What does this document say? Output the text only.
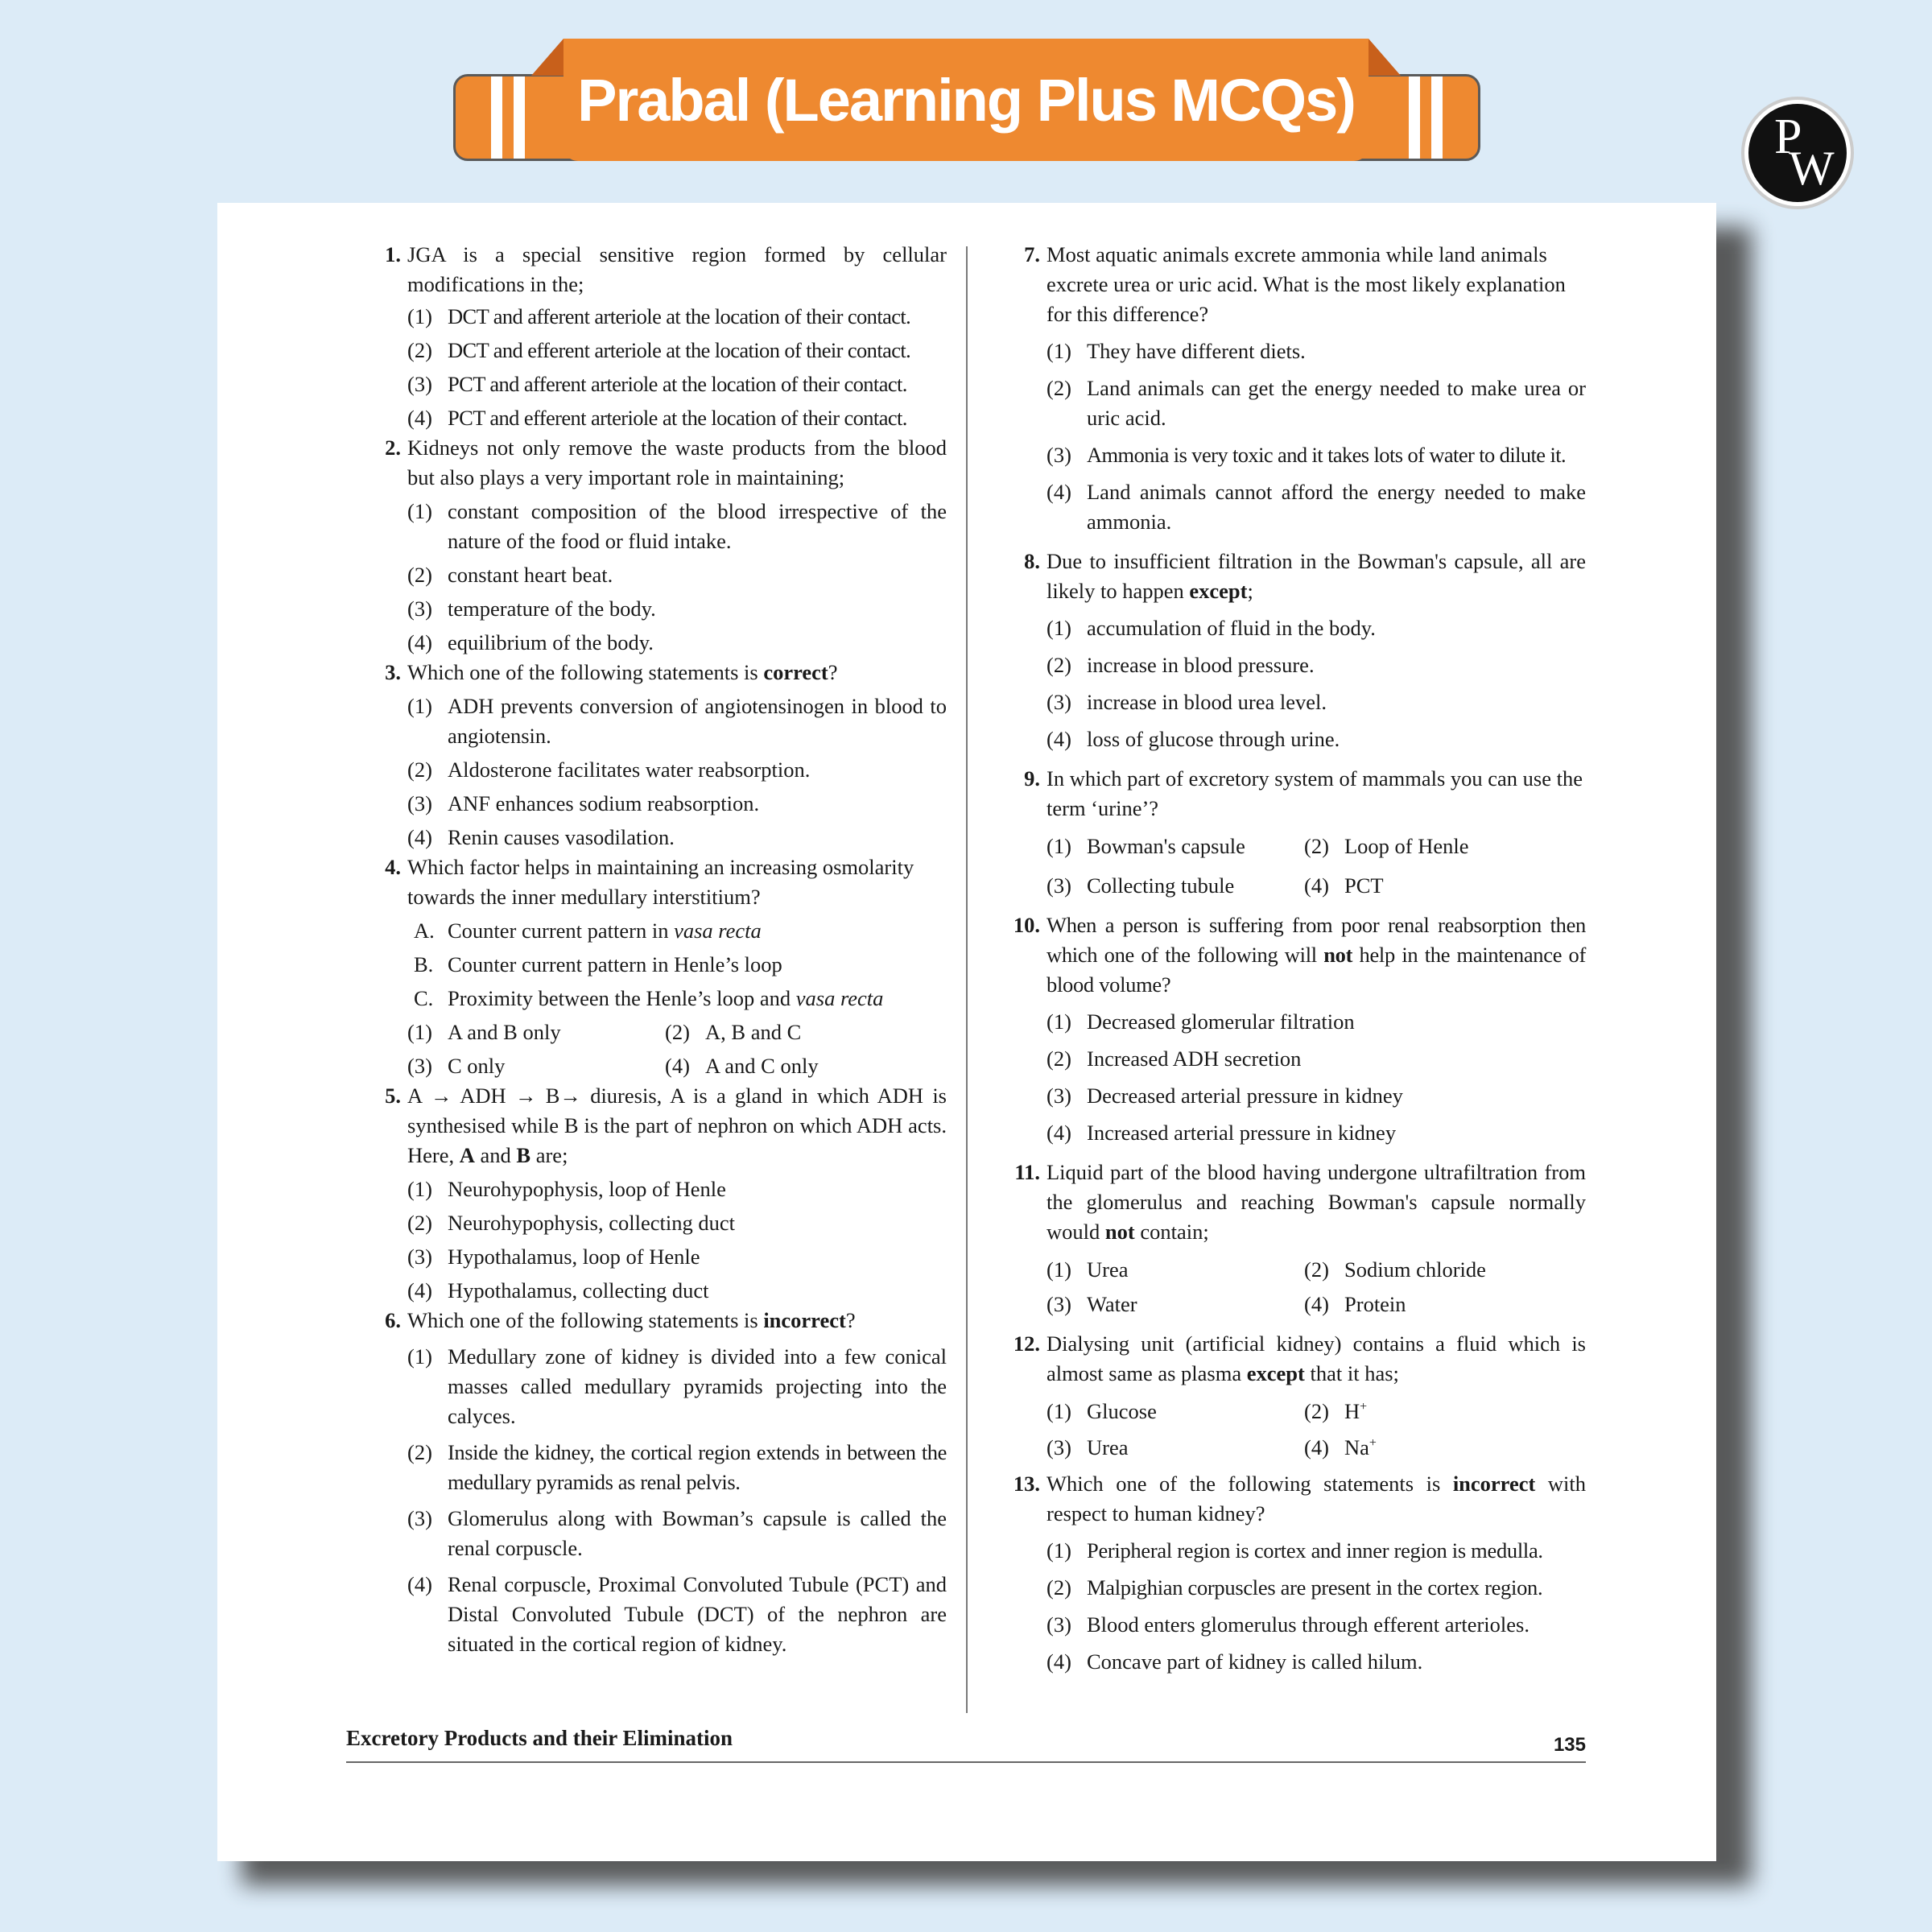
Prabal (Learning Plus MCQs)
P
W
1. JGA is a special sensitive region formed by cellular modifications in the;
(1) DCT and afferent arteriole at the location of their contact.
(2) DCT and efferent arteriole at the location of their contact.
(3) PCT and afferent arteriole at the location of their contact.
(4) PCT and efferent arteriole at the location of their contact.
2. Kidneys not only remove the waste products from the blood but also plays a very important role in maintaining;
(1) constant composition of the blood irrespective of the nature of the food or fluid intake.
(2) constant heart beat.
(3) temperature of the body.
(4) equilibrium of the body.
3. Which one of the following statements is correct?
(1) ADH prevents conversion of angiotensinogen in blood to angiotensin.
(2) Aldosterone facilitates water reabsorption.
(3) ANF enhances sodium reabsorption.
(4) Renin causes vasodilation.
4. Which factor helps in maintaining an increasing osmolarity towards the inner medullary interstitium?
A. Counter current pattern in vasa recta
B. Counter current pattern in Henle’s loop
C. Proximity between the Henle’s loop and vasa recta
(1) A and B only	(2) A, B and C
(3) C only	(4) A and C only
5. A → ADH → B→ diuresis, A is a gland in which ADH is synthesised while B is the part of nephron on which ADH acts. Here, A and B are;
(1) Neurohypophysis, loop of Henle
(2) Neurohypophysis, collecting duct
(3) Hypothalamus, loop of Henle
(4) Hypothalamus, collecting duct
6. Which one of the following statements is incorrect?
(1) Medullary zone of kidney is divided into a few conical masses called medullary pyramids projecting into the calyces.
(2) Inside the kidney, the cortical region extends in between the medullary pyramids as renal pelvis.
(3) Glomerulus along with Bowman’s capsule is called the renal corpuscle.
(4) Renal corpuscle, Proximal Convoluted Tubule (PCT) and Distal Convoluted Tubule (DCT) of the nephron are situated in the cortical region of kidney.
7. Most aquatic animals excrete ammonia while land animals excrete urea or uric acid. What is the most likely explanation for this difference?
(1) They have different diets.
(2) Land animals can get the energy needed to make urea or uric acid.
(3) Ammonia is very toxic and it takes lots of water to dilute it.
(4) Land animals cannot afford the energy needed to make ammonia.
8. Due to insufficient filtration in the Bowman's capsule, all are likely to happen except;
(1) accumulation of fluid in the body.
(2) increase in blood pressure.
(3) increase in blood urea level.
(4) loss of glucose through urine.
9. In which part of excretory system of mammals you can use the term ‘urine’?
(1) Bowman's capsule	(2) Loop of Henle
(3) Collecting tubule	(4) PCT
10. When a person is suffering from poor renal reabsorption then which one of the following will not help in the maintenance of blood volume?
(1) Decreased glomerular filtration
(2) Increased ADH secretion
(3) Decreased arterial pressure in kidney
(4) Increased arterial pressure in kidney
11. Liquid part of the blood having undergone ultrafiltration from the glomerulus and reaching Bowman's capsule normally would not contain;
(1) Urea	(2) Sodium chloride
(3) Water	(4) Protein
12. Dialysing unit (artificial kidney) contains a fluid which is almost same as plasma except that it has;
(1) Glucose	(2) H+
(3) Urea	(4) Na+
13. Which one of the following statements is incorrect with respect to human kidney?
(1) Peripheral region is cortex and inner region is medulla.
(2) Malpighian corpuscles are present in the cortex region.
(3) Blood enters glomerulus through efferent arterioles.
(4) Concave part of kidney is called hilum.
Excretory Products and their Elimination	135
